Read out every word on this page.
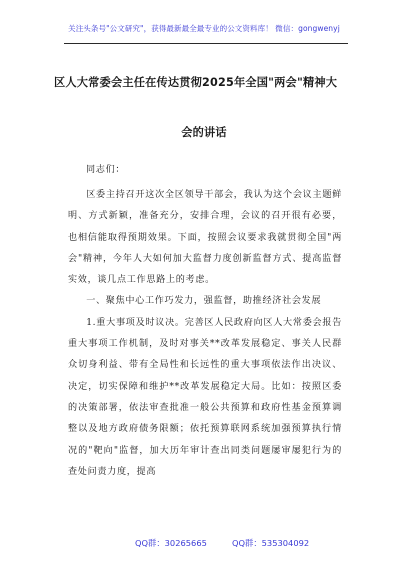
关注头条号"公文研究"，获得最新最全最专业的公文资料库！ 微信：gongwenyj
区人大常委会主任在传达贯彻2025年全国"两会"精神大
会的讲话
同志们：

区委主持召开这次全区领导干部会，我认为这个会议主题鲜明、方式新颖，准备充分，安排合理，会议的召开很有必要，也相信能取得预期效果。下面，按照会议要求我就贯彻全国"两会"精神，今年人大如何加大监督力度创新监督方式、提高监督实效，谈几点工作思路上的考虑。

一、聚焦中心工作巧发力，强监督，助推经济社会发展

1.重大事项及时议决。完善区人民政府向区人大常委会报告重大事项工作机制，及时对事关**改革发展稳定、事关人民群众切身利益、带有全局性和长远性的重大事项依法作出决议、决定，切实保障和维护**改革发展稳定大局。比如：按照区委的决策部署，依法审查批准一般公共预算和政府性基金预算调整以及地方政府债务限额；依托预算联网系统加强预算执行情况的"靶向"监督，加大历年审计查出同类问题屡审屡犯行为的查处问责力度，提高

QQ群：30265665	QQ群：535304092
